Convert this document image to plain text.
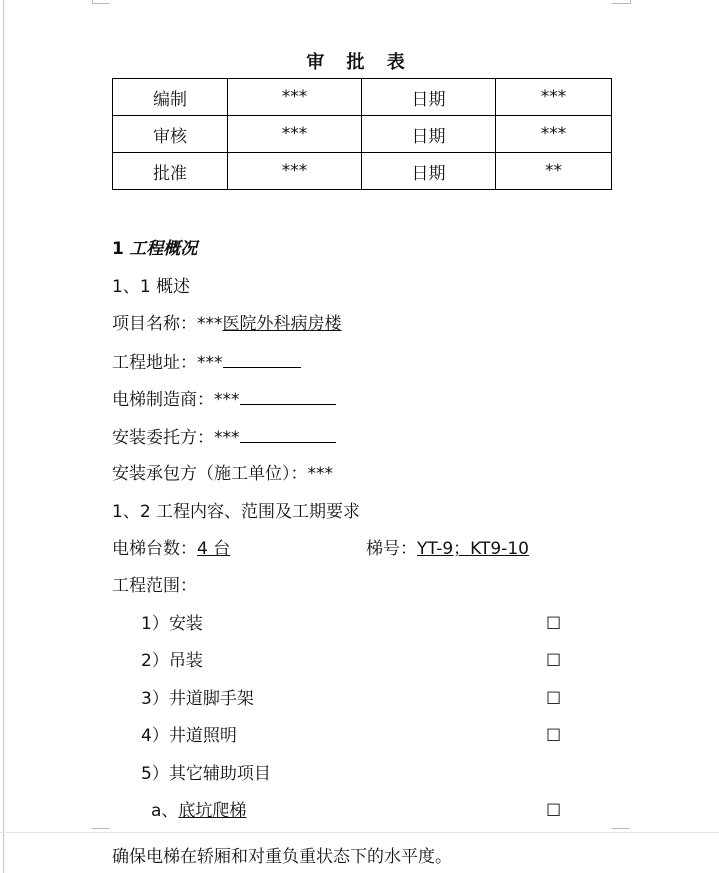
审 批 表
编制	***	日期	***
审核	***	日期	***
批准	***	日期	**
1 工程概况
1、1 概述
项目名称：***医院外科病房楼
工程地址：***
电梯制造商：***
安装委托方：***
安装承包方（施工单位）：***
1、2 工程内容、范围及工期要求
电梯台数：4 台	梯号：YT-9；KT9-10
工程范围：
1）安装	☐
2）吊装	☐
3）井道脚手架	☐
4）井道照明	☐
5）其它辅助项目
a、底坑爬梯	☐
确保电梯在轿厢和对重负重状态下的水平度。
